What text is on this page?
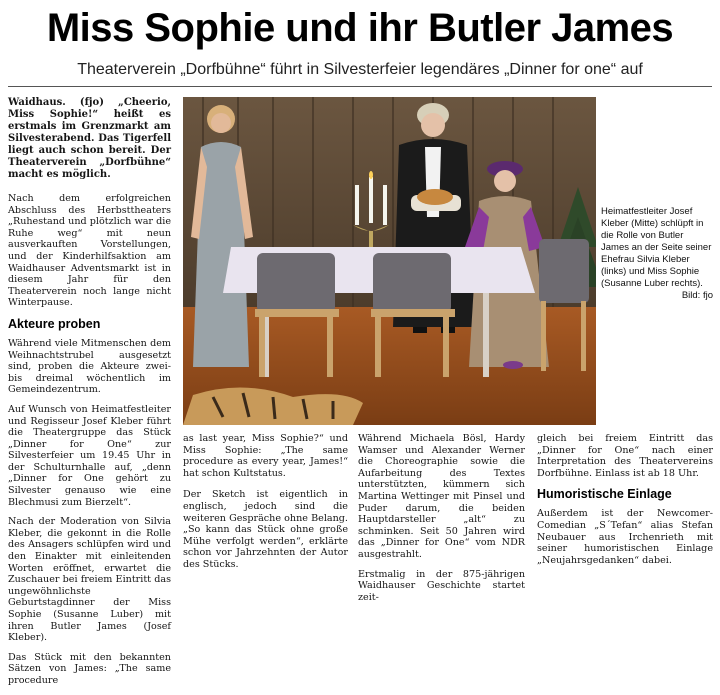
Miss Sophie und ihr Butler James
Theaterverein „Dorfbühne“ führt in Silvesterfeier legendäres „Dinner for one“ auf

Waidhaus. (fjo) „Cheerio, Miss Sophie!“ heißt es erstmals im Grenzmarkt am Silvesterabend. Das Tigerfell liegt auch schon bereit. Der Theaterverein „Dorfbühne“ macht es möglich.

Nach dem erfolgreichen Abschluss des Herbsttheaters „Ruhestand und plötzlich war die Ruhe weg“ mit neun ausverkauften Vorstellungen, und der Kinderhilfsaktion am Waidhauser Adventsmarkt ist in diesem Jahr für den Theaterverein noch lange nicht Winterpause.

Akteure proben

Während viele Mitmenschen dem Weihnachtstrubel ausgesetzt sind, proben die Akteure zwei- bis dreimal wöchentlich im Gemeindezentrum.

Auf Wunsch von Heimatfestleiter und Regisseur Josef Kleber führt die Theatergruppe das Stück „Dinner for One“ zur Silvesterfeier um 19.45 Uhr in der Schulturnhalle auf, „denn „Dinner for One gehört zu Silvester genauso wie eine Blechmusi zum Bierzelt“.

Nach der Moderation von Silvia Kleber, die gekonnt in die Rolle des Ansagers schlüpfen wird und den Einakter mit einleitenden Worten eröffnet, erwartet die Zuschauer bei freiem Eintritt das ungewöhnlichste Geburtstagdinner der Miss Sophie (Susanne Luber) mit ihren Butler James (Josef Kleber).

Das Stück mit den bekannten Sätzen von James: „The same procedure

Heimatfestleiter Josef Kleber (Mitte) schlüpft in die Rolle von Butler James an der Seite seiner Ehefrau Silvia Kleber (links) und Miss Sophie (Susanne Luber rechts).
Bild: fjo

as last year, Miss Sophie?“ und Miss Sophie: „The same procedure as every year, James!“ hat schon Kultstatus.

Der Sketch ist eigentlich in englisch, jedoch sind die weiteren Gespräche ohne Belang. „So kann das Stück ohne große Mühe verfolgt werden“, erklärte schon vor Jahrzehnten der Autor des Stücks.

Während Michaela Bösl, Hardy Wamser und Alexander Werner die Choreographie sowie die Aufarbeitung des Textes unterstützten, kümmern sich Martina Wettinger mit Pinsel und Puder darum, die beiden Hauptdarsteller „alt“ zu schminken. Seit 50 Jahren wird das „Dinner for One“ vom NDR ausgestrahlt.

Erstmalig in der 875-jährigen Waidhauser Geschichte startet zeit-

gleich bei freiem Eintritt das „Dinner for One“ nach einer Interpretation des Theatervereins Dorfbühne. Einlass ist ab 18 Uhr.

Humoristische Einlage

Außerdem ist der Newcomer-Comedian „S´Tefan“ alias Stefan Neubauer aus Irchenrieth mit seiner humoristischen Einlage „Neujahrsgedanken“ dabei.
